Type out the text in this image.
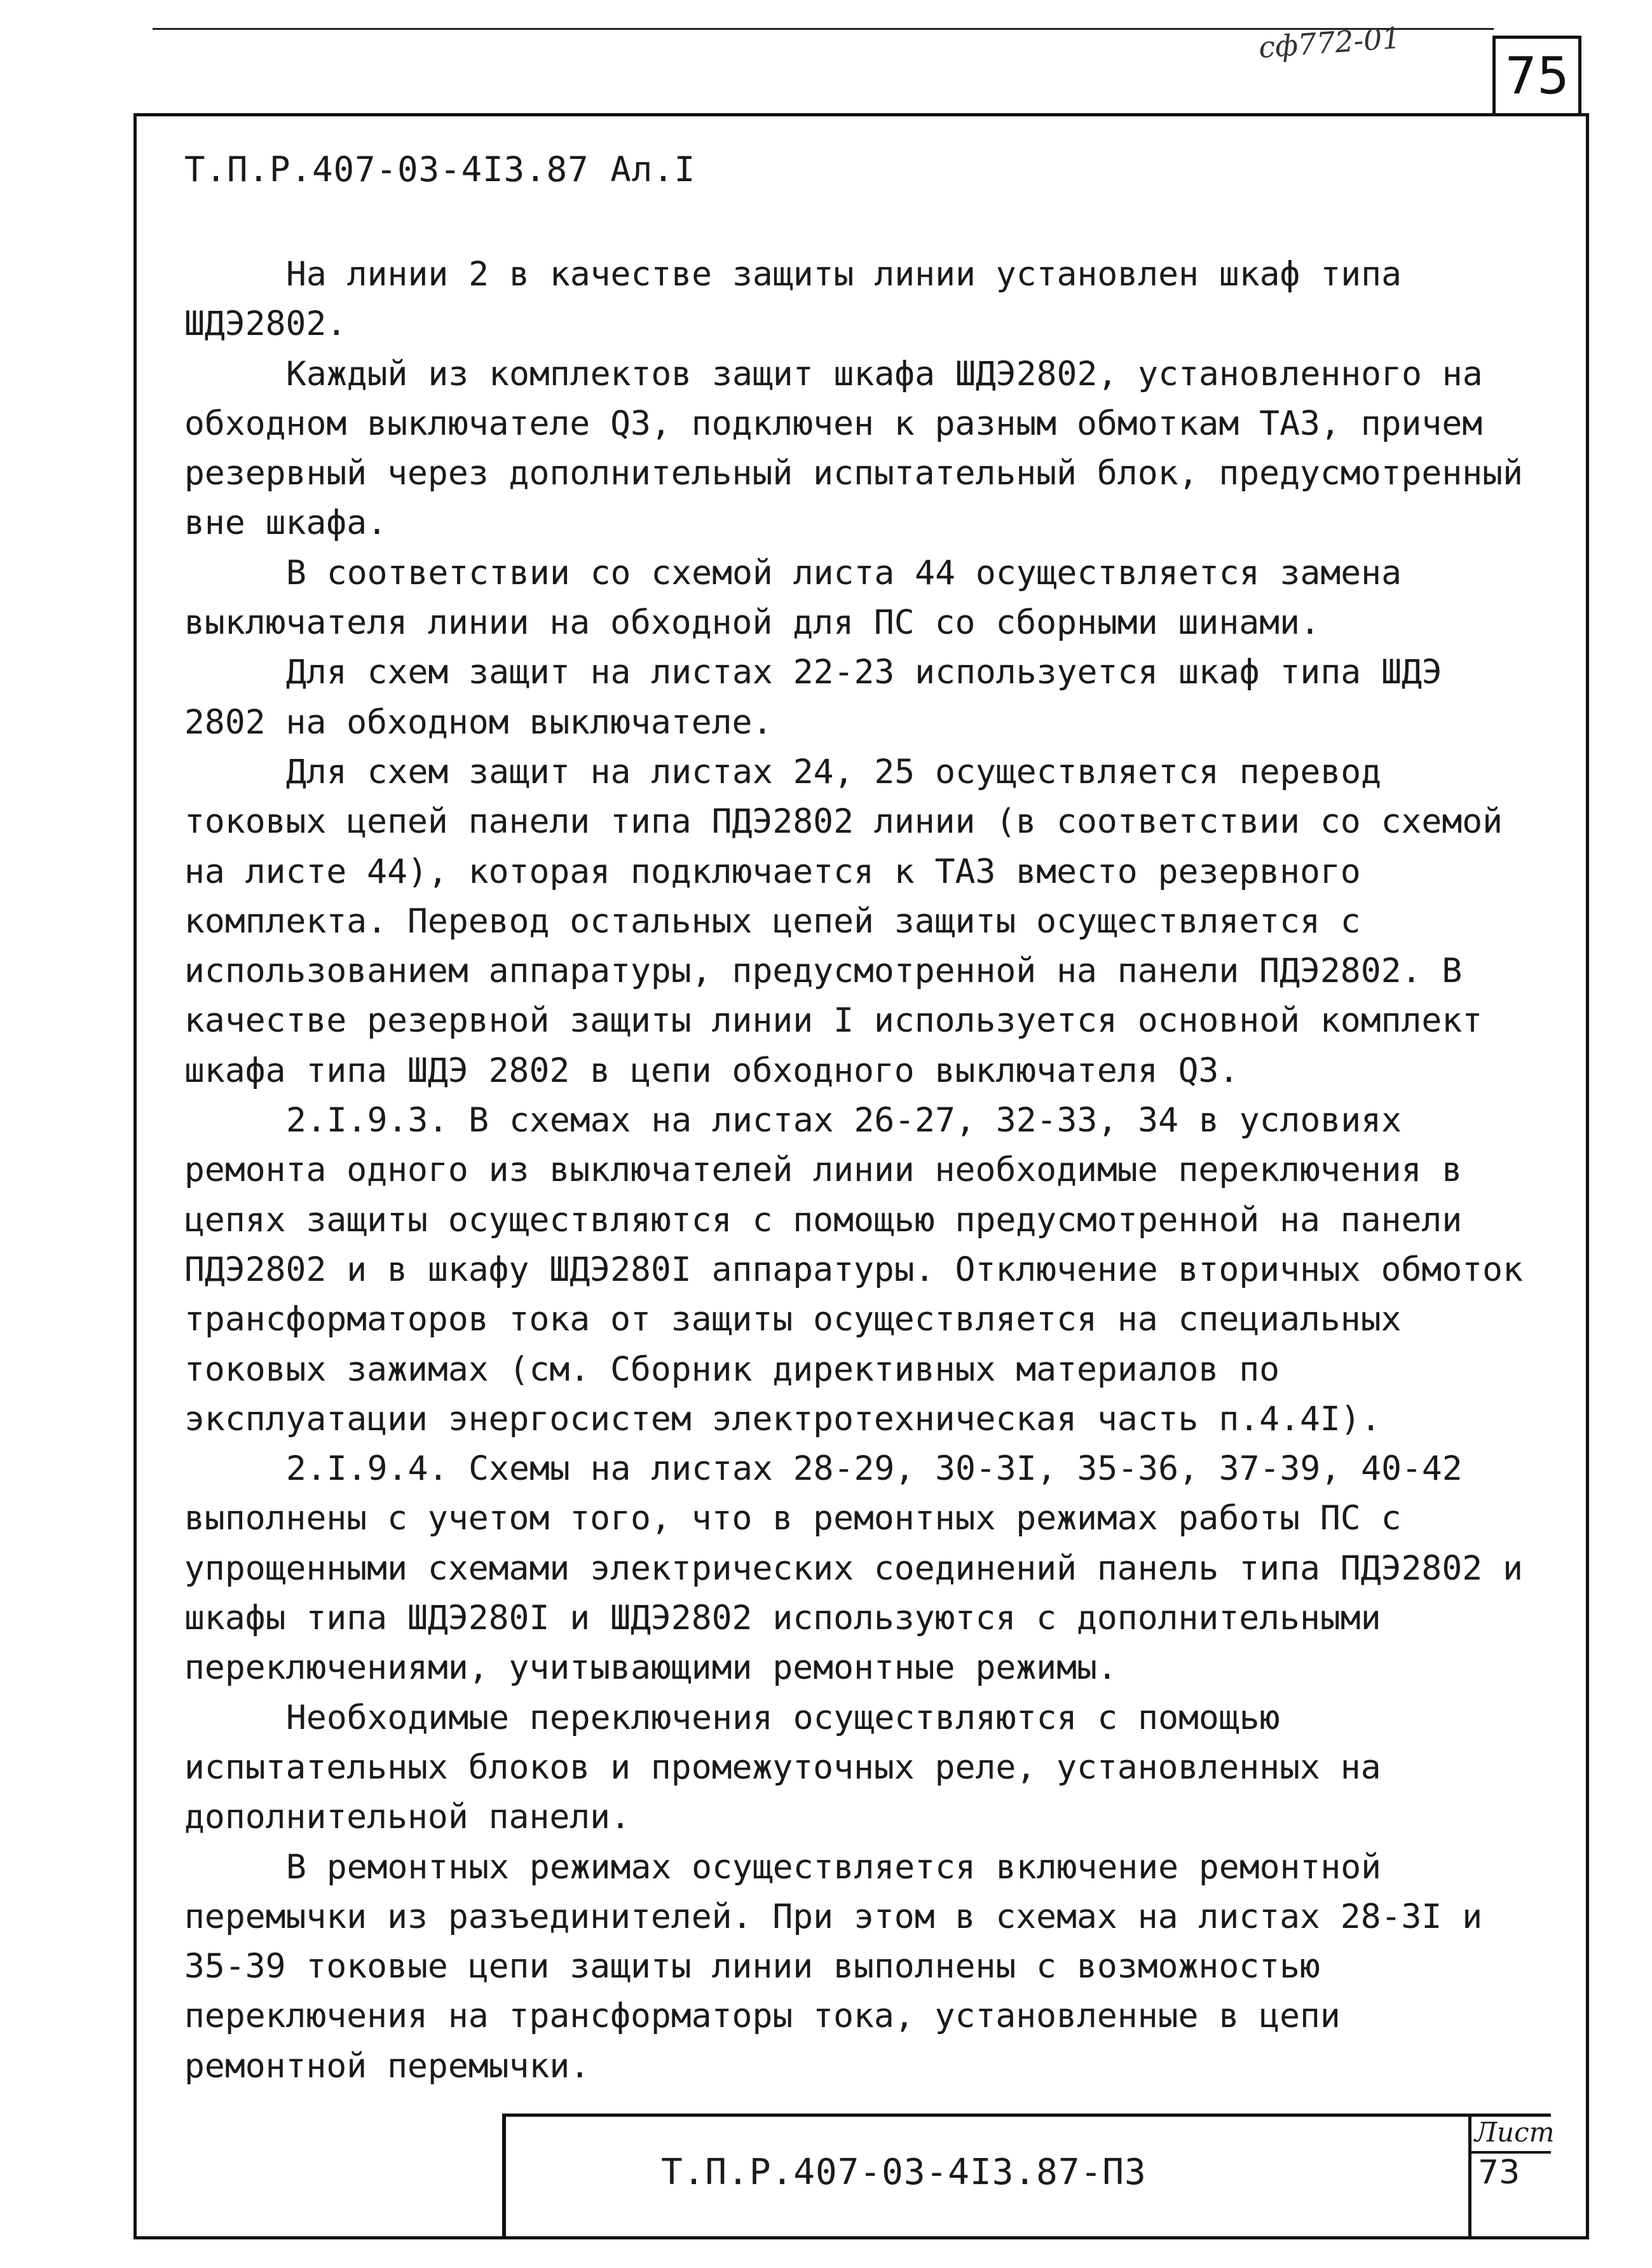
сф772-01
75
Т.П.Р.407-03-4I3.87 Ал.I

На линии 2 в качестве защиты линии установлен шкаф типа ШДЭ2802.

Каждый из комплектов защит шкафа ШДЭ2802, установленного на обходном выключателе Q3, подключен к разным обмоткам ТА3, причем резервный через дополнительный испытательный блок, предусмотренный вне шкафа.

В соответствии со схемой листа 44 осуществляется замена выключателя линии на обходной для ПС со сборными шинами.

Для схем защит на листах 22-23 используется шкаф типа ШДЭ 2802 на обходном выключателе.

Для схем защит на листах 24, 25 осуществляется перевод токовых цепей панели типа ПДЭ2802 линии (в соответствии со схемой на листе 44), которая подключается к ТА3 вместо резервного комплекта. Перевод остальных цепей защиты осуществляется с использованием аппаратуры, предусмотренной на панели ПДЭ2802. В качестве резервной защиты линии I используется основной комплект шкафа типа ШДЭ 2802 в цепи обходного выключателя Q3.

2.I.9.3. В схемах на листах 26-27, 32-33, 34 в условиях ремонта одного из выключателей линии необходимые переключения в цепях защиты осуществляются с помощью предусмотренной на панели ПДЭ2802 и в шкафу ШДЭ280I аппаратуры. Отключение вторичных обмоток трансформаторов тока от защиты осуществляется на специальных токовых зажимах (см. Сборник директивных материалов по эксплуатации энергосистем электротехническая часть п.4.4I).

2.I.9.4. Схемы на листах 28-29, 30-3I, 35-36, 37-39, 40-42 выполнены с учетом того, что в ремонтных режимах работы ПС с упрощенными схемами электрических соединений панель типа ПДЭ2802 и шкафы типа ШДЭ280I и ШДЭ2802 используются с дополнительными переключениями, учитывающими ремонтные режимы.

Необходимые переключения осуществляются с помощью испытательных блоков и промежуточных реле, установленных на дополнительной панели.

В ремонтных режимах осуществляется включение ремонтной перемычки из разъединителей. При этом в схемах на листах 28-3I и 35-39 токовые цепи защиты линии выполнены с возможностью переключения на трансформаторы тока, установленные в цепи ремонтной перемычки.

Т.П.Р.407-03-4I3.87-ПЗ
Лист
73
